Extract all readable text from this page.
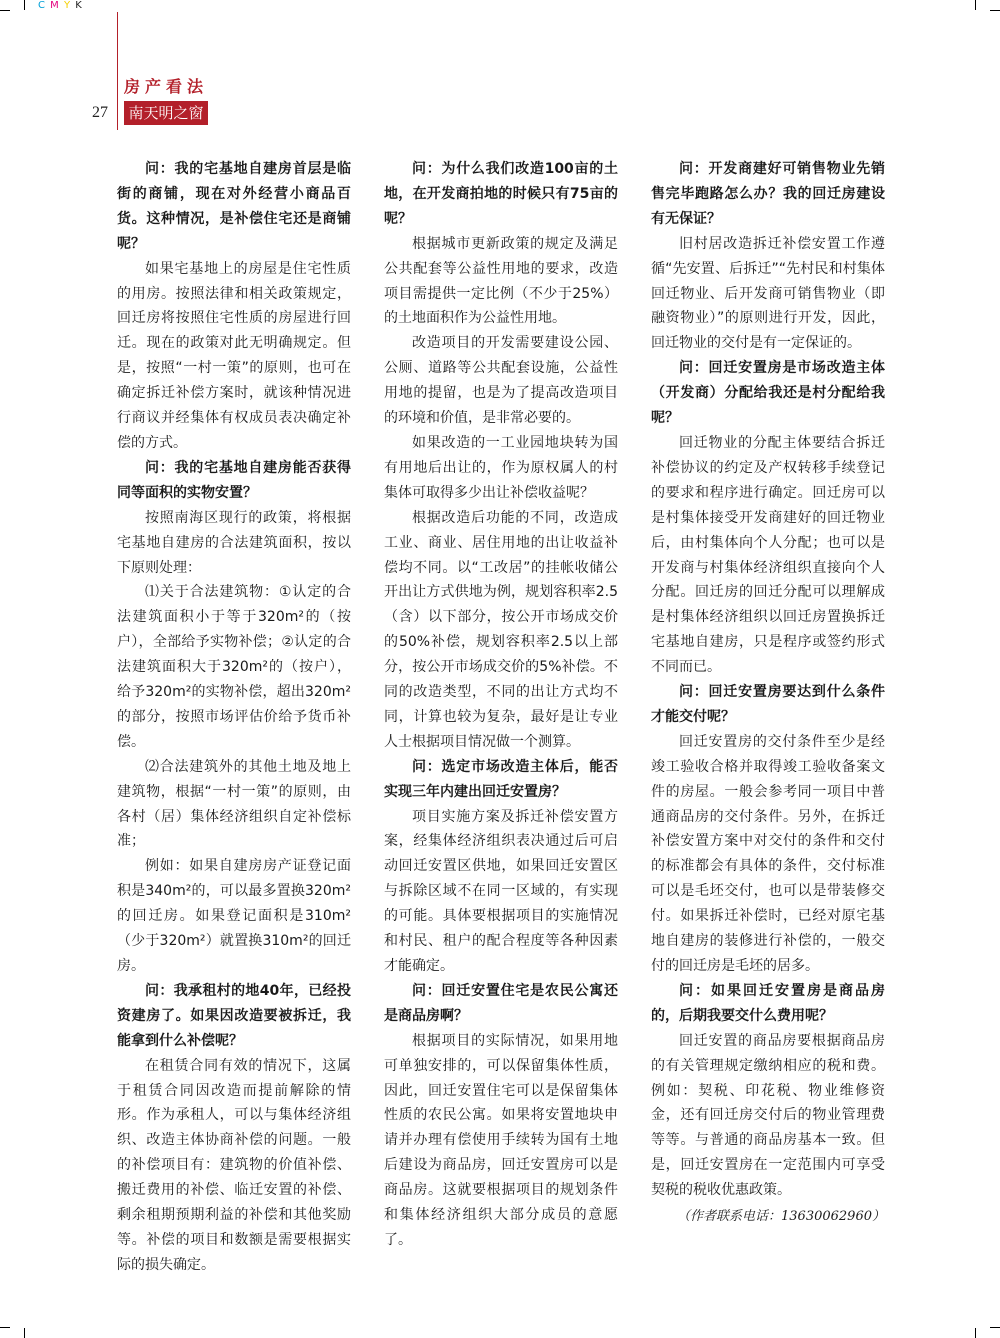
C M Y K
房产看法
27 南天明之窗

问：我的宅基地自建房首层是临街的商铺，现在对外经营小商品百货。这种情况，是补偿住宅还是商铺呢？

如果宅基地上的房屋是住宅性质的用房。按照法律和相关政策规定，回迁房将按照住宅性质的房屋进行回迁。现在的政策对此无明确规定。但是，按照“一村一策”的原则，也可在确定拆迁补偿方案时，就该种情况进行商议并经集体有权成员表决确定补偿的方式。

问：我的宅基地自建房能否获得同等面积的实物安置？

按照南海区现行的政策，将根据宅基地自建房的合法建筑面积，按以下原则处理：

⑴关于合法建筑物：①认定的合法建筑面积小于等于320m²的（按户），全部给予实物补偿；②认定的合法建筑面积大于320m²的（按户），给予320m²的实物补偿，超出320m²的部分，按照市场评估价给予货币补偿。

⑵合法建筑外的其他土地及地上建筑物，根据“一村一策”的原则，由各村（居）集体经济组织自定补偿标准；

例如：如果自建房房产证登记面积是340m²的，可以最多置换320m²的回迁房。如果登记面积是310m²（少于320m²）就置换310m²的回迁房。

问：我承租村的地40年，已经投资建房了。如果因改造要被拆迁，我能拿到什么补偿呢？

在租赁合同有效的情况下，这属于租赁合同因改造而提前解除的情形。作为承租人，可以与集体经济组织、改造主体协商补偿的问题。一般的补偿项目有：建筑物的价值补偿、搬迁费用的补偿、临迁安置的补偿、剩余租期预期利益的补偿和其他奖励等。补偿的项目和数额是需要根据实际的损失确定。

问：为什么我们改造100亩的土地，在开发商拍地的时候只有75亩的呢？

根据城市更新政策的规定及满足公共配套等公益性用地的要求，改造项目需提供一定比例（不少于25%）的土地面积作为公益性用地。

改造项目的开发需要建设公园、公厕、道路等公共配套设施，公益性用地的提留，也是为了提高改造项目的环境和价值，是非常必要的。

如果改造的一工业园地块转为国有用地后出让的，作为原权属人的村集体可取得多少出让补偿收益呢？

根据改造后功能的不同，改造成工业、商业、居住用地的出让收益补偿均不同。以“工改居”的挂帐收储公开出让方式供地为例，规划容积率2.5（含）以下部分，按公开市场成交价的50%补偿，规划容积率2.5以上部分，按公开市场成交价的5%补偿。不同的改造类型，不同的出让方式均不同，计算也较为复杂，最好是让专业人士根据项目情况做一个测算。

问：选定市场改造主体后，能否实现三年内建出回迁安置房？

项目实施方案及拆迁补偿安置方案，经集体经济组织表决通过后可启动回迁安置区供地，如果回迁安置区与拆除区域不在同一区域的，有实现的可能。具体要根据项目的实施情况和村民、租户的配合程度等各种因素才能确定。

问：回迁安置住宅是农民公寓还是商品房啊？

根据项目的实际情况，如果用地可单独安排的，可以保留集体性质，因此，回迁安置住宅可以是保留集体性质的农民公寓。如果将安置地块申请并办理有偿使用手续转为国有土地后建设为商品房，回迁安置房可以是商品房。这就要根据项目的规划条件和集体经济组织大部分成员的意愿了。

问：开发商建好可销售物业先销售完毕跑路怎么办？我的回迁房建设有无保证？

旧村居改造拆迁补偿安置工作遵循“先安置、后拆迁”“先村民和村集体回迁物业、后开发商可销售物业（即融资物业）”的原则进行开发，因此，回迁物业的交付是有一定保证的。

问：回迁安置房是市场改造主体（开发商）分配给我还是村分配给我呢？

回迁物业的分配主体要结合拆迁补偿协议的约定及产权转移手续登记的要求和程序进行确定。回迁房可以是村集体接受开发商建好的回迁物业后，由村集体向个人分配；也可以是开发商与村集体经济组织直接向个人分配。回迁房的回迁分配可以理解成是村集体经济组织以回迁房置换拆迁宅基地自建房，只是程序或签约形式不同而已。

问：回迁安置房要达到什么条件才能交付呢？

回迁安置房的交付条件至少是经竣工验收合格并取得竣工验收备案文件的房屋。一般会参考同一项目中普通商品房的交付条件。另外，在拆迁补偿安置方案中对交付的条件和交付的标准都会有具体的条件，交付标准可以是毛坯交付，也可以是带装修交付。如果拆迁补偿时，已经对原宅基地自建房的装修进行补偿的，一般交付的回迁房是毛坯的居多。

问：如果回迁安置房是商品房的，后期我要交什么费用呢？

回迁安置的商品房要根据商品房的有关管理规定缴纳相应的税和费。例如：契税、印花税、物业维修资金，还有回迁房交付后的物业管理费等等。与普通的商品房基本一致。但是，回迁安置房在一定范围内可享受契税的税收优惠政策。

（作者联系电话：13630062960）
